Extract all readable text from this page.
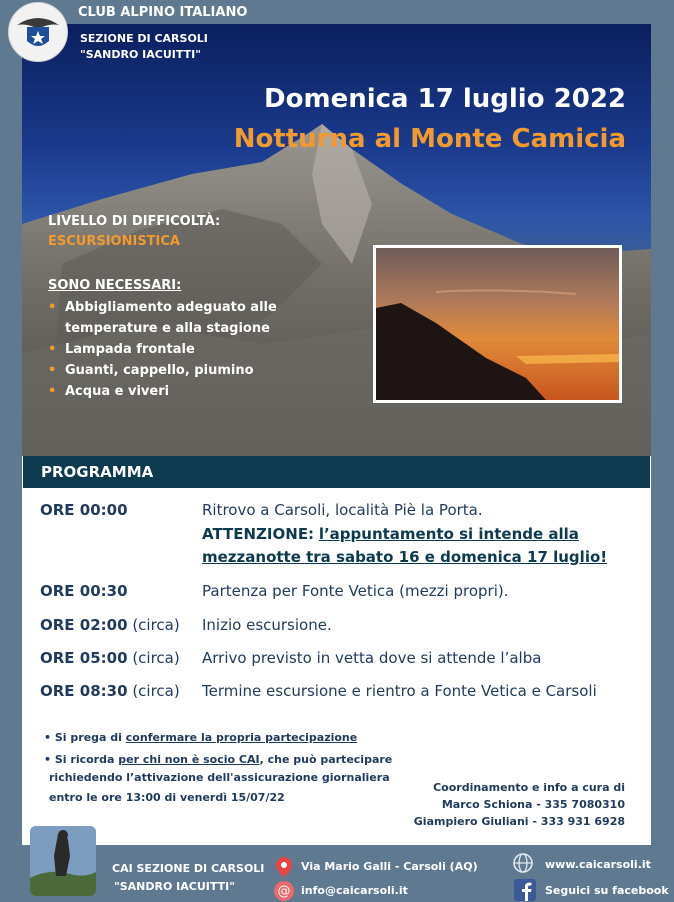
Domenica 17 luglio 2022
Notturna al Monte Camicia
LIVELLO DI DIFFICOLTÀ:
ESCURSIONISTICA
SONO NECESSARI:
• Abbigliamento adeguato alle temperature e alla stagione
• Lampada frontale
• Guanti, cappello, piumino
• Acqua e viveri
CLUB ALPINO ITALIANO
SEZIONE DI CARSOLI
"SANDRO IACUITTI"
PROGRAMMA
ORE 00:00	Ritrovo a Carsoli, località Piè la Porta.
ATTENZIONE: l’appuntamento si intende alla
mezzanotte tra sabato 16 e domenica 17 luglio!
ORE 00:30	Partenza per Fonte Vetica (mezzi propri).
ORE 02:00 (circa) Inizio escursione.
ORE 05:00 (circa) Arrivo previsto in vetta dove si attende l’alba
ORE 08:30 (circa) Termine escursione e rientro a Fonte Vetica e Carsoli
• Si prega di confermare la propria partecipazione
• Si ricorda per chi non è socio CAI, che può partecipare
richiedendo l’attivazione dell'assicurazione giornaliera
entro le ore 13:00 di venerdì 15/07/22
Coordinamento e info a cura di
Marco Schiona - 335 7080310
Giampiero Giuliani - 333 931 6928
CAI SEZIONE DI CARSOLI
"SANDRO IACUITTI"
Via Mario Galli - Carsoli (AQ)
@ info@caicarsoli.it
www.caicarsoli.it
Seguici su facebook
